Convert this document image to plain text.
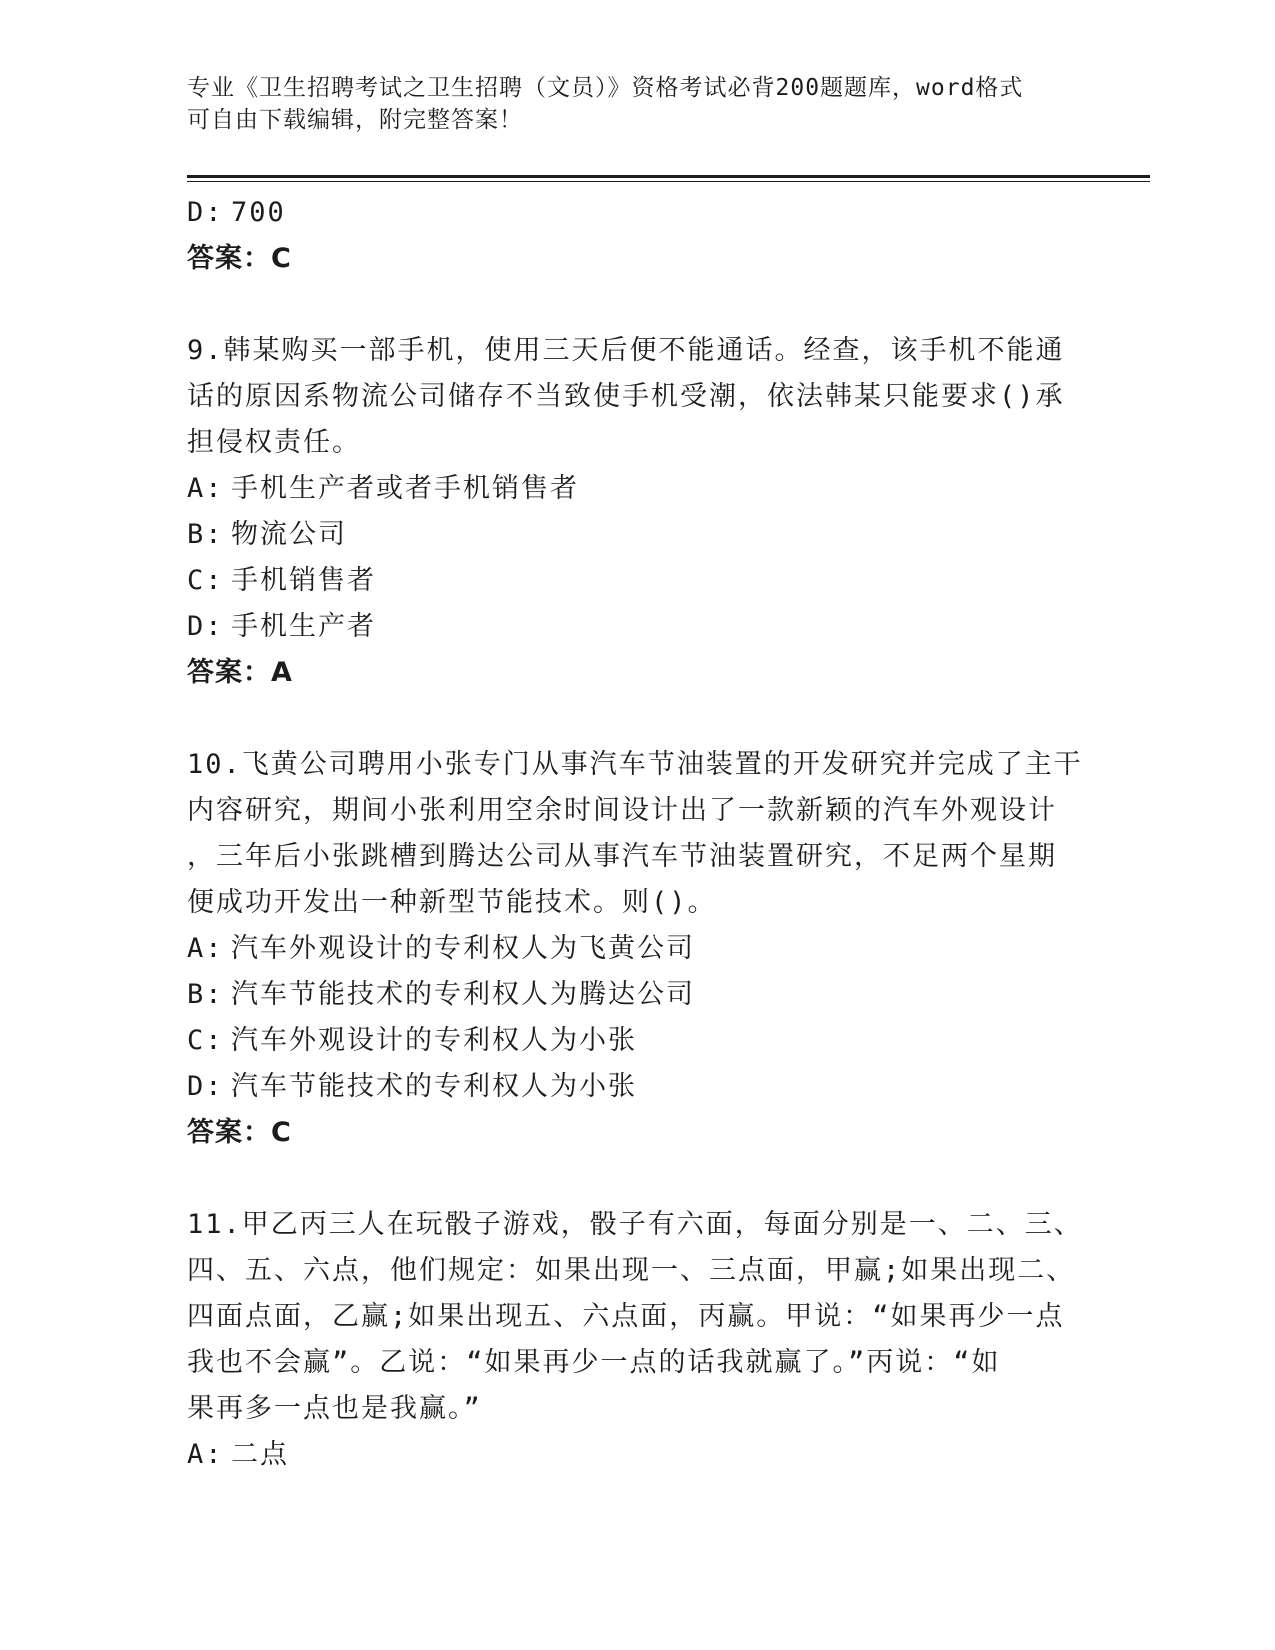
专业《卫生招聘考试之卫生招聘（文员）》资格考试必背200题题库，word格式
可自由下载编辑，附完整答案！
D: 700
答案：C
9.韩某购买一部手机，使用三天后便不能通话。经查，该手机不能通
话的原因系物流公司储存不当致使手机受潮，依法韩某只能要求()承
担侵权责任。
A: 手机生产者或者手机销售者
B: 物流公司
C: 手机销售者
D: 手机生产者
答案：A
10.飞黄公司聘用小张专门从事汽车节油装置的开发研究并完成了主干
内容研究，期间小张利用空余时间设计出了一款新颖的汽车外观设计
，三年后小张跳槽到腾达公司从事汽车节油装置研究，不足两个星期
便成功开发出一种新型节能技术。则()。
A: 汽车外观设计的专利权人为飞黄公司
B: 汽车节能技术的专利权人为腾达公司
C: 汽车外观设计的专利权人为小张
D: 汽车节能技术的专利权人为小张
答案：C
11.甲乙丙三人在玩骰子游戏，骰子有六面，每面分别是一、二、三、
四、五、六点，他们规定：如果出现一、三点面，甲赢;如果出现二、
四面点面，乙赢;如果出现五、六点面，丙赢。甲说：“如果再少一点
我也不会赢”。乙说：“如果再少一点的话我就赢了。”丙说：“如
果再多一点也是我赢。”
A: 二点
